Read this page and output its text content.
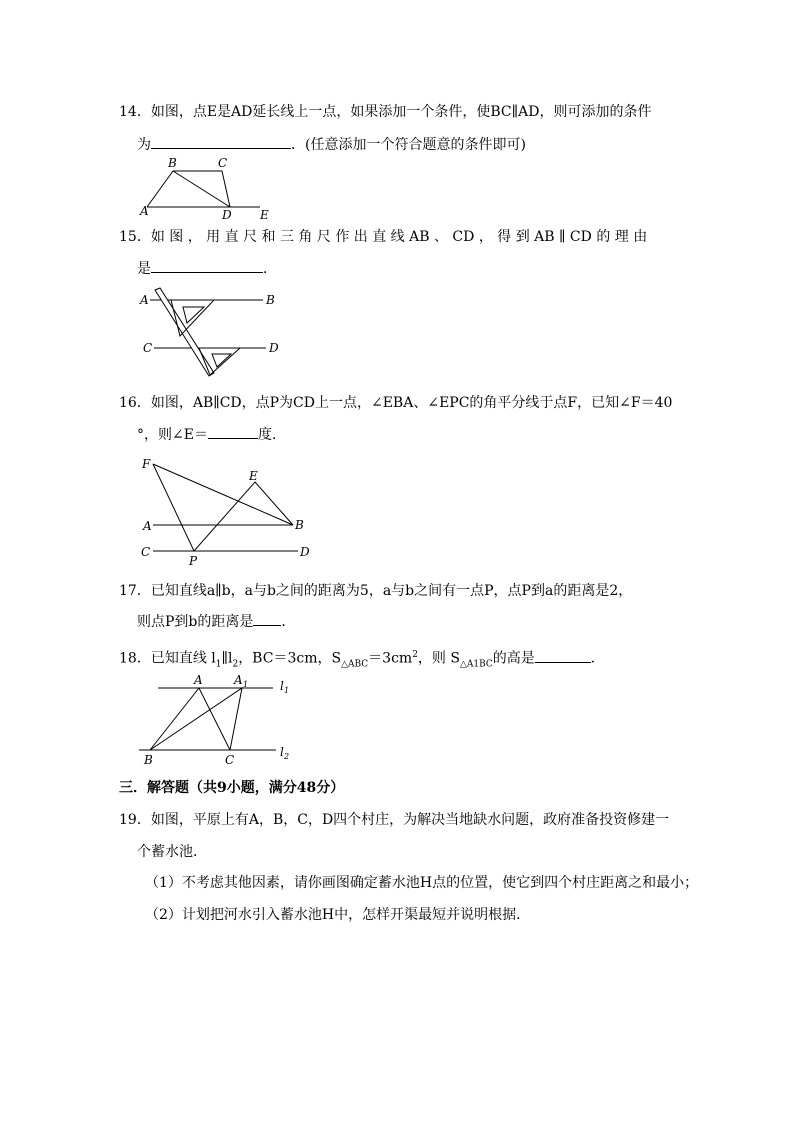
14．如图，点E是AD延长线上一点，如果添加一个条件，使BC∥AD，则可添加的条件
为	．(任意添加一个符合题意的条件即可)
A
B	C
D E
15．如 图 ， 用 直 尺 和 三 角 尺 作 出 直 线 AB 、 CD ， 得 到 AB ∥ CD 的 理 由
是	．
A	B
C	D
16．如图，AB∥CD，点P为CD上一点，∠EBA、∠EPC的角平分线于点F，已知∠F＝40
°，则∠E＝	度．
F
E
A	B
C
P
D
17．已知直线a∥b，a与b之间的距离为5，a与b之间有一点P，点P到a的距离是2，
则点P到b的距离是 ．
18．已知直线 $l_1\parallel l_2$，BC＝3cm，$S_{\triangle ABC}=3cm^2$，则 $S_{\triangle A1BC}$的高是	．
A	A 1	l 1
l 2
B	C
三．解答题（共9小题，满分48分）
19．如图，平原上有A，B，C，D四个村庄，为解决当地缺水问题，政府准备投资修建一
个蓄水池．
（1）不考虑其他因素，请你画图确定蓄水池H点的位置，使它到四个村庄距离之和最小；
（2）计划把河水引入蓄水池H中，怎样开渠最短并说明根据．
